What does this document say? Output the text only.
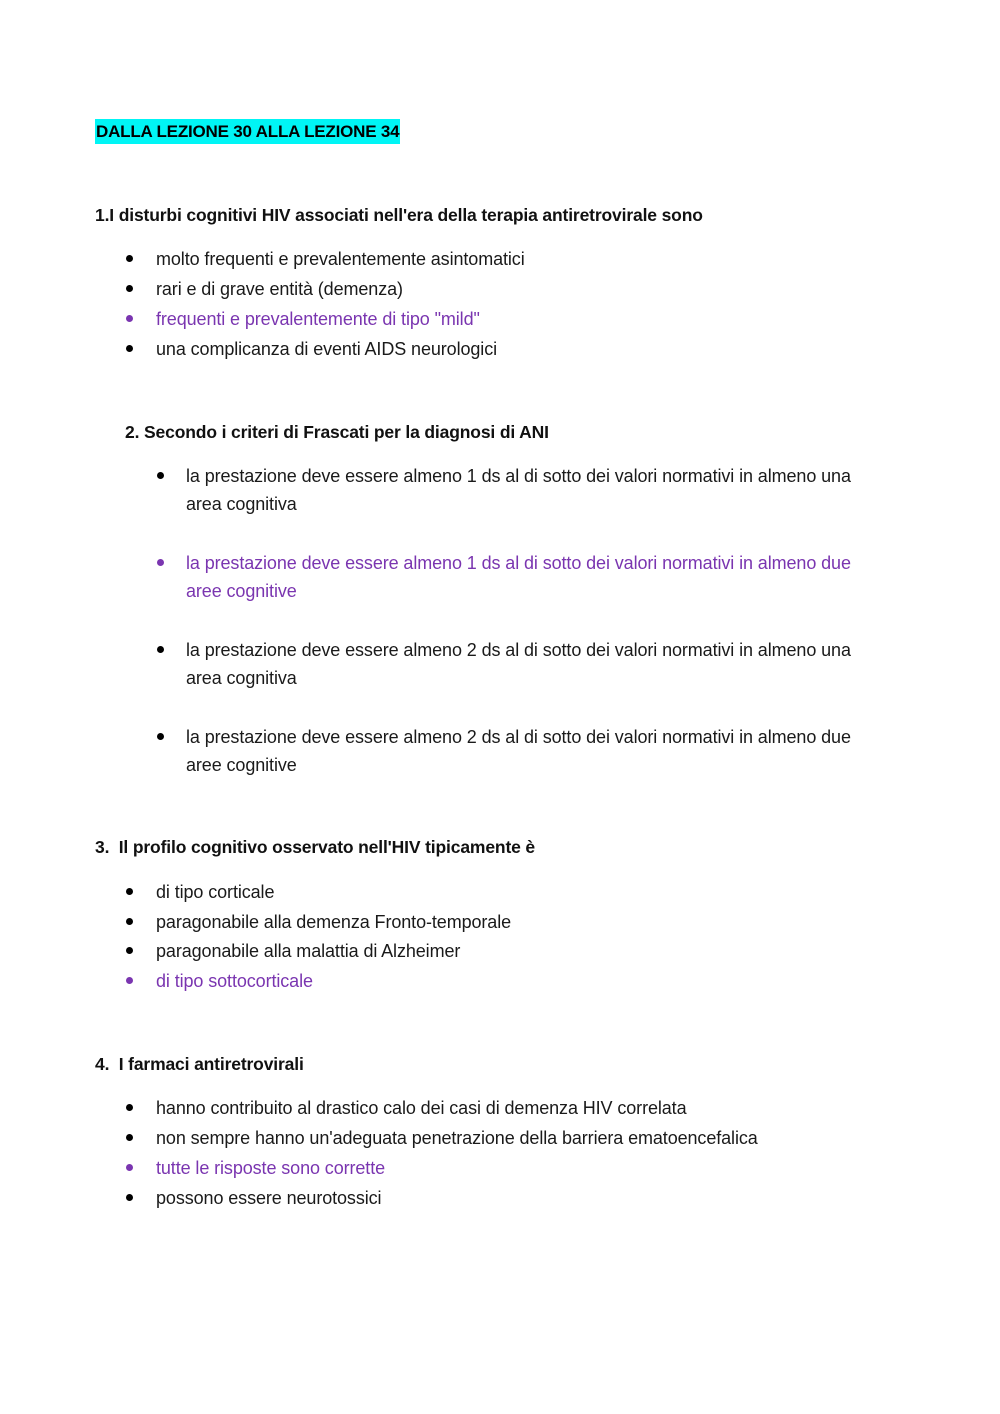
DALLA LEZIONE 30 ALLA LEZIONE 34
1.I disturbi cognitivi HIV associati nell'era della terapia antiretrovirale sono
molto frequenti e prevalentemente asintomatici
rari e di grave entità (demenza)
frequenti e prevalentemente di tipo "mild"
una complicanza di eventi AIDS neurologici
2. Secondo i criteri di Frascati per la diagnosi di ANI
la prestazione deve essere almeno 1 ds al di sotto dei valori normativi in almeno una area cognitiva
la prestazione deve essere almeno 1 ds al di sotto dei valori normativi in almeno due aree cognitive
la prestazione deve essere almeno 2 ds al di sotto dei valori normativi in almeno una area cognitiva
la prestazione deve essere almeno 2 ds al di sotto dei valori normativi in almeno due aree cognitive
3.  Il profilo cognitivo osservato nell'HIV tipicamente è
di tipo corticale
paragonabile alla demenza Fronto-temporale
paragonabile alla malattia di Alzheimer
di tipo sottocorticale
4.  I farmaci antiretrovirali
hanno contribuito al drastico calo dei casi di demenza HIV correlata
non sempre hanno un'adeguata penetrazione della barriera ematoencefalica
tutte le risposte sono corrette
possono essere neurotossici
